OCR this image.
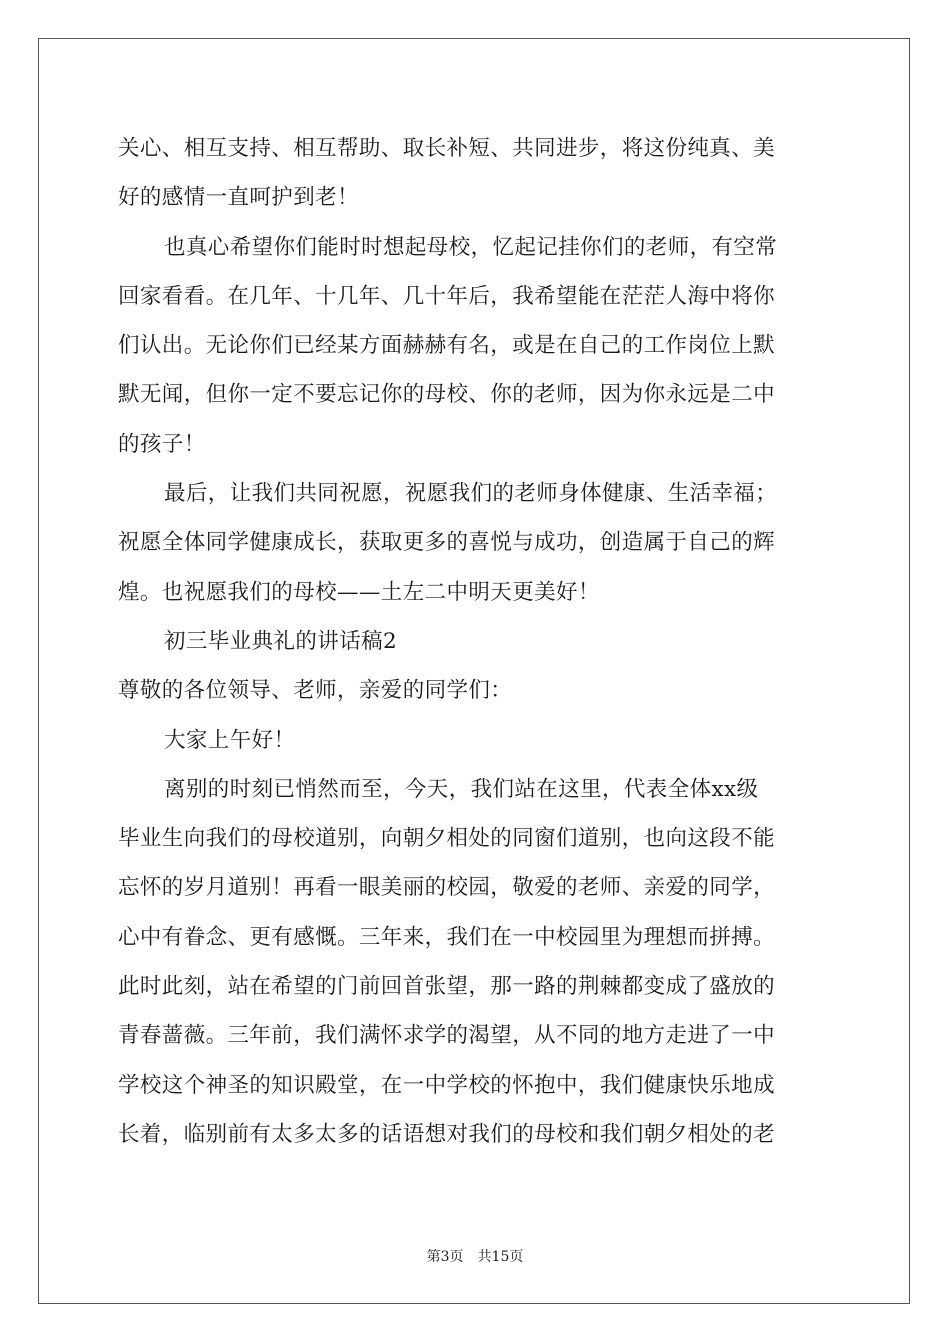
关心、相互支持、相互帮助、取长补短、共同进步，将这份纯真、美
好的感情一直呵护到老！
也真心希望你们能时时想起母校，忆起记挂你们的老师，有空常
回家看看。在几年、十几年、几十年后，我希望能在茫茫人海中将你
们认出。无论你们已经某方面赫赫有名，或是在自己的工作岗位上默
默无闻，但你一定不要忘记你的母校、你的老师，因为你永远是二中
的孩子！
最后，让我们共同祝愿，祝愿我们的老师身体健康、生活幸福；
祝愿全体同学健康成长，获取更多的喜悦与成功，创造属于自己的辉
煌。也祝愿我们的母校——土左二中明天更美好！
初三毕业典礼的讲话稿2
尊敬的各位领导、老师，亲爱的同学们：
大家上午好！
离别的时刻已悄然而至，今天，我们站在这里，代表全体xx级
毕业生向我们的母校道别，向朝夕相处的同窗们道别，也向这段不能
忘怀的岁月道别！再看一眼美丽的校园，敬爱的老师、亲爱的同学，
心中有眷念、更有感慨。三年来，我们在一中校园里为理想而拼搏。
此时此刻，站在希望的门前回首张望，那一路的荆棘都变成了盛放的
青春蔷薇。三年前，我们满怀求学的渴望，从不同的地方走进了一中
学校这个神圣的知识殿堂，在一中学校的怀抱中，我们健康快乐地成
长着，临别前有太多太多的话语想对我们的母校和我们朝夕相处的老
第3页 共15页
